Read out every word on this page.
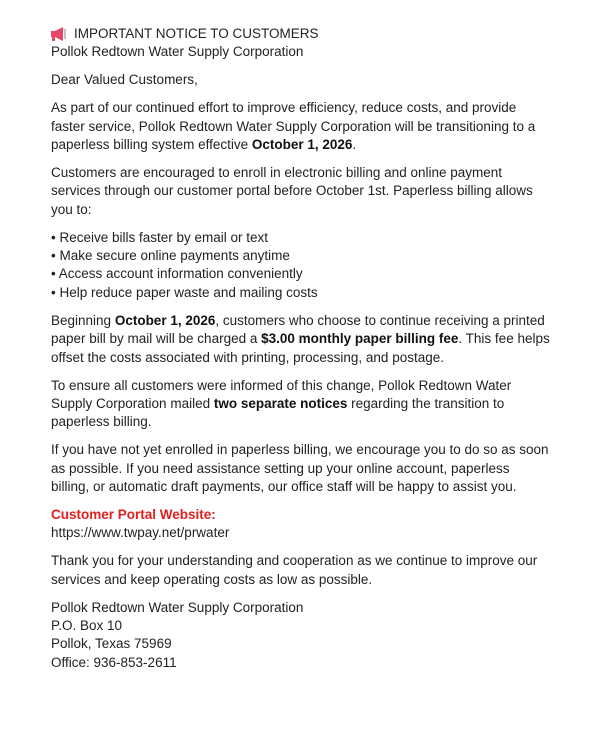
IMPORTANT NOTICE TO CUSTOMERS

Pollok Redtown Water Supply Corporation

Dear Valued Customers,

As part of our continued effort to improve efficiency, reduce costs, and provide faster service, Pollok Redtown Water Supply Corporation will be transitioning to a paperless billing system effective October 1, 2026.

Customers are encouraged to enroll in electronic billing and online payment services through our customer portal before October 1st. Paperless billing allows you to:

• Receive bills faster by email or text
• Make secure online payments anytime
• Access account information conveniently
• Help reduce paper waste and mailing costs

Beginning October 1, 2026, customers who choose to continue receiving a printed paper bill by mail will be charged a $3.00 monthly paper billing fee. This fee helps offset the costs associated with printing, processing, and postage.

To ensure all customers were informed of this change, Pollok Redtown Water Supply Corporation mailed two separate notices regarding the transition to paperless billing.

If you have not yet enrolled in paperless billing, we encourage you to do so as soon as possible. If you need assistance setting up your online account, paperless billing, or automatic draft payments, our office staff will be happy to assist you.

Customer Portal Website:

https://www.twpay.net/prwater

Thank you for your understanding and cooperation as we continue to improve our services and keep operating costs as low as possible.

Pollok Redtown Water Supply Corporation

P.O. Box 10

Pollok, Texas 75969

Office: 936-853-2611
